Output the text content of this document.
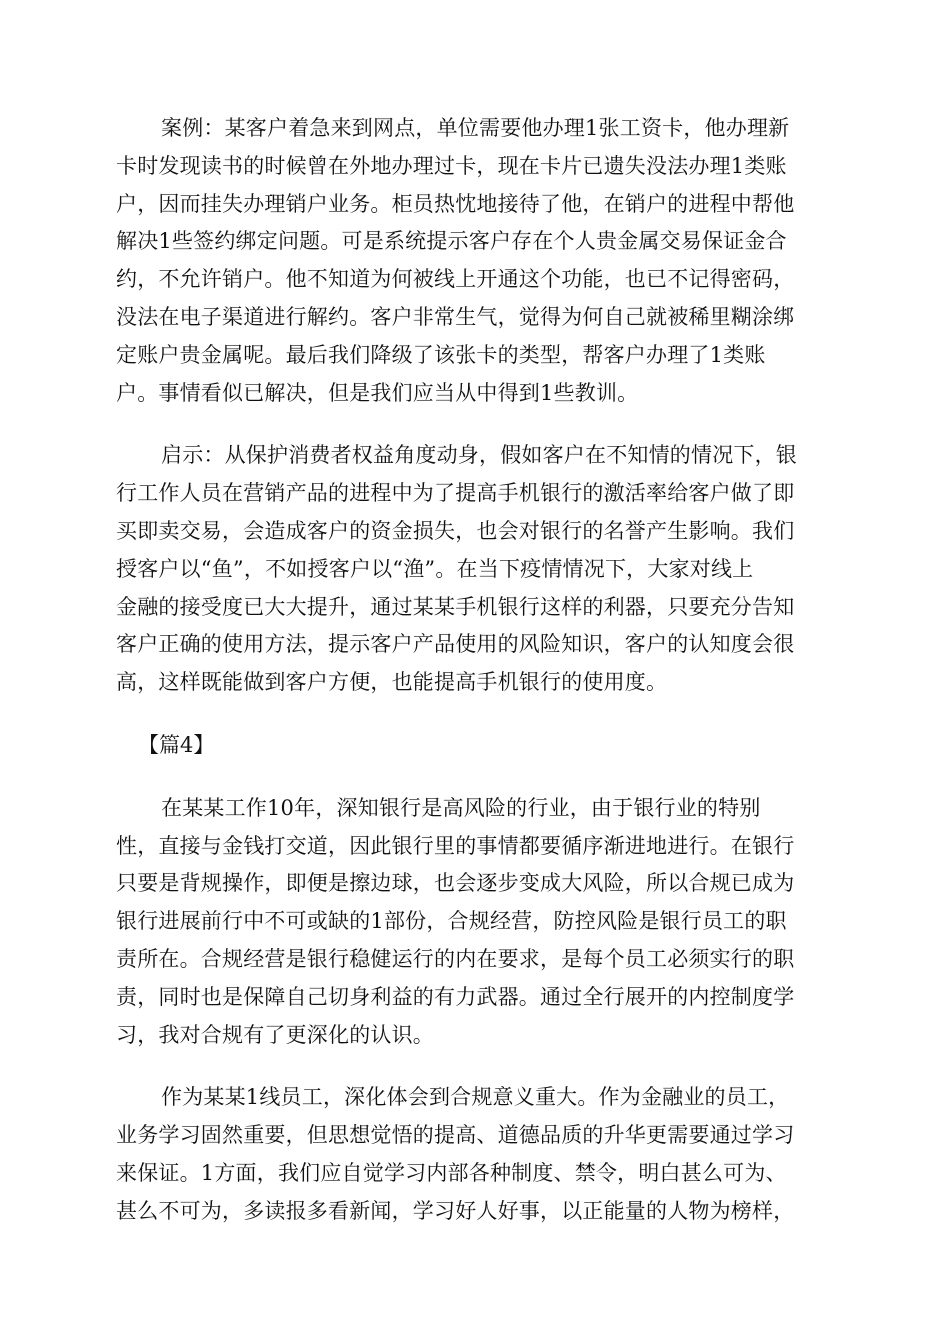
案例：某客户着急来到网点，单位需要他办理1张工资卡，他办理新
卡时发现读书的时候曾在外地办理过卡，现在卡片已遗失没法办理1类账
户，因而挂失办理销户业务。柜员热忱地接待了他，在销户的进程中帮他
解决1些签约绑定问题。可是系统提示客户存在个人贵金属交易保证金合
约，不允许销户。他不知道为何被线上开通这个功能，也已不记得密码，
没法在电子渠道进行解约。客户非常生气，觉得为何自己就被稀里糊涂绑
定账户贵金属呢。最后我们降级了该张卡的类型，帮客户办理了1类账
户。事情看似已解决，但是我们应当从中得到1些教训。

启示：从保护消费者权益角度动身，假如客户在不知情的情况下，银
行工作人员在营销产品的进程中为了提高手机银行的激活率给客户做了即
买即卖交易，会造成客户的资金损失，也会对银行的名誉产生影响。我们
授客户以“鱼”，不如授客户以“渔”。在当下疫情情况下，大家对线上
金融的接受度已大大提升，通过某某手机银行这样的利器，只要充分告知
客户正确的使用方法，提示客户产品使用的风险知识，客户的认知度会很
高，这样既能做到客户方便，也能提高手机银行的使用度。

【篇4】

在某某工作10年，深知银行是高风险的行业，由于银行业的特别
性，直接与金钱打交道，因此银行里的事情都要循序渐进地进行。在银行
只要是背规操作，即便是擦边球，也会逐步变成大风险，所以合规已成为
银行进展前行中不可或缺的1部份，合规经营，防控风险是银行员工的职
责所在。合规经营是银行稳健运行的内在要求，是每个员工必须实行的职
责，同时也是保障自己切身利益的有力武器。通过全行展开的内控制度学
习，我对合规有了更深化的认识。

作为某某1线员工，深化体会到合规意义重大。作为金融业的员工，
业务学习固然重要，但思想觉悟的提高、道德品质的升华更需要通过学习
来保证。1方面，我们应自觉学习内部各种制度、禁令，明白甚么可为、
甚么不可为，多读报多看新闻，学习好人好事，以正能量的人物为榜样，
